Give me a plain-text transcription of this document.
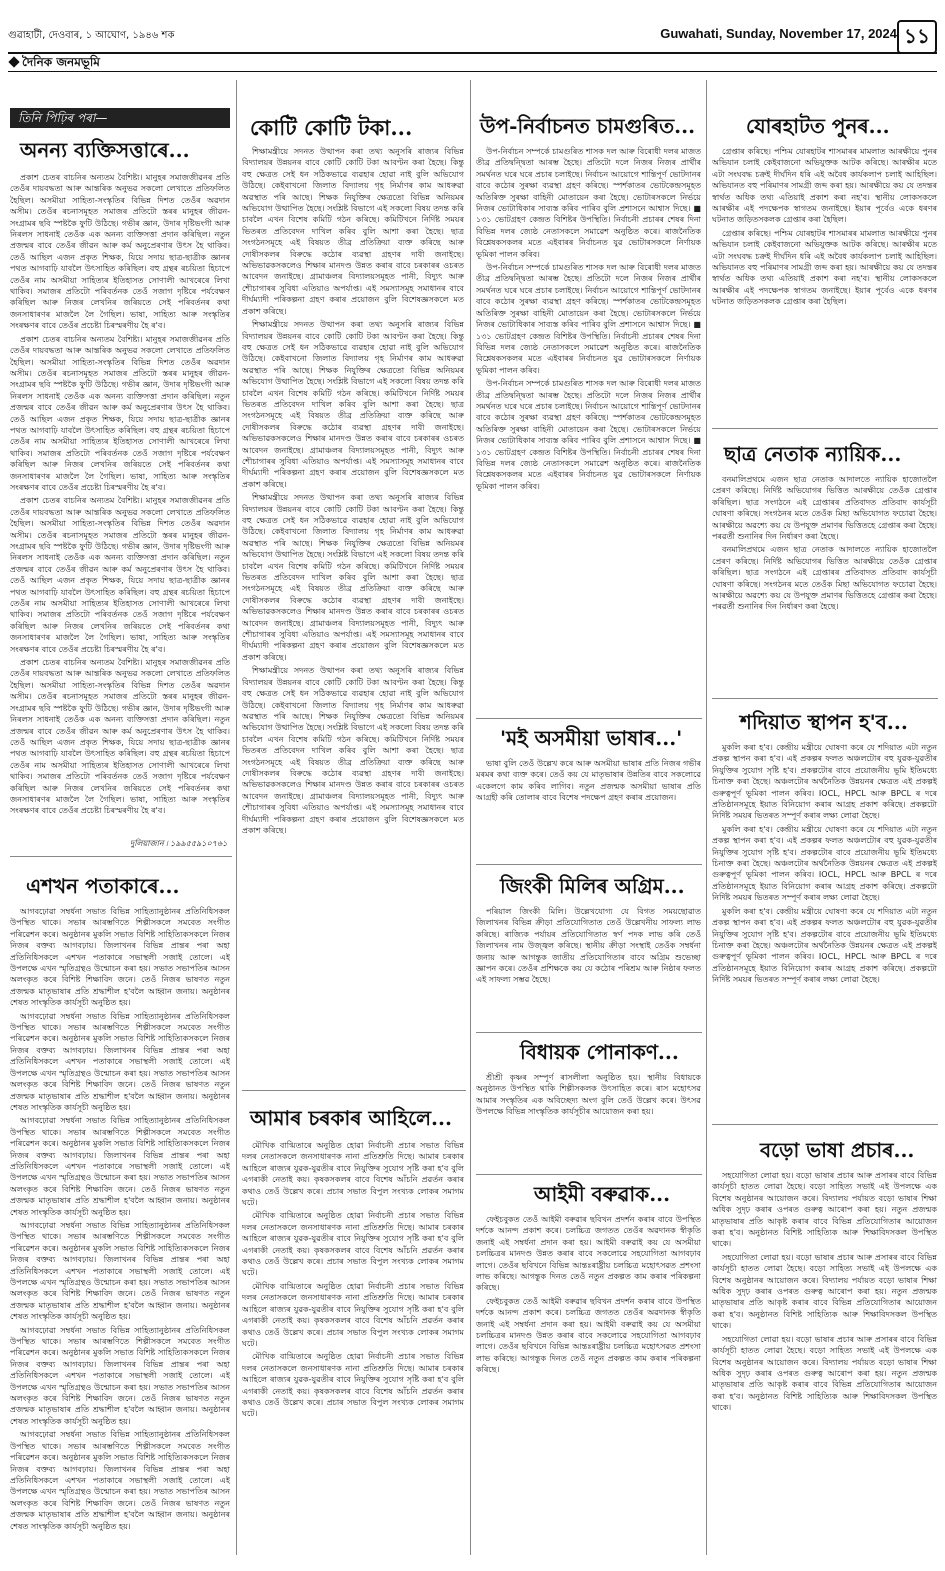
গুৱাহাটী, দেওবাৰ, ১ আঘোণ, ১৯৪৬ শক	Guwahati, Sunday, November 17, 2024 ১১
দৈনিক জনমভূমি
তিনি পিঢ়িৰ পৰা—
অনন্য ব্যক্তিসত্তাৰে...

প্ৰকাশ চেতৰ বাচনিৰ অন্যতম বৈশিষ্ট্য। মানুহৰ সমাজজীৱনৰ প্ৰতি তেওঁৰ দায়বদ্ধতা আৰু আন্তৰিক অনুভৱ সকলো লেখাতে প্ৰতিফলিত হৈছিল। অসমীয়া সাহিত্য-সংস্কৃতিৰ বিভিন্ন দিশত তেওঁৰ অৱদান অসীম। তেওঁৰ ৰচনাসমূহত সমাজৰ প্ৰতিটো স্তৰৰ মানুহৰ জীৱন-সংগ্ৰামৰ ছবি স্পষ্টকৈ ফুটি উঠিছে। গভীৰ জ্ঞান, উদাৰ দৃষ্টিভংগী আৰু নিৰলস সাধনাই তেওঁক এক অনন্য ব্যক্তিসত্তা প্ৰদান কৰিছিল। নতুন প্ৰজন্মৰ বাবে তেওঁৰ জীৱন আৰু কৰ্ম অনুপ্ৰেৰণাৰ উৎস হৈ থাকিব। তেওঁ আছিল এজন প্ৰকৃত শিক্ষক, যিয়ে সদায় ছাত্ৰ-ছাত্ৰীক জ্ঞানৰ পথত আগবাঢ়ি যাবলৈ উৎসাহিত কৰিছিল। বহু গ্ৰন্থৰ ৰচয়িতা হিচাপে তেওঁৰ নাম অসমীয়া সাহিত্যৰ ইতিহাসত সোণালী আখৰেৰে লিখা থাকিব। সমাজৰ প্ৰতিটো পৰিবৰ্তনক তেওঁ সজাগ দৃষ্টিৰে পৰ্যবেক্ষণ কৰিছিল আৰু নিজৰ লেখনিৰ জৰিয়তে সেই পৰিবৰ্তনৰ কথা জনসাধাৰণৰ মাজলৈ লৈ গৈছিল। ভাষা, সাহিত্য আৰু সংস্কৃতিৰ সংৰক্ষণৰ বাবে তেওঁৰ প্ৰচেষ্টা চিৰস্মৰণীয় হৈ ৰ'ব।

প্ৰকাশ চেতৰ বাচনিৰ অন্যতম বৈশিষ্ট্য। মানুহৰ সমাজজীৱনৰ প্ৰতি তেওঁৰ দায়বদ্ধতা আৰু আন্তৰিক অনুভৱ সকলো লেখাতে প্ৰতিফলিত হৈছিল। অসমীয়া সাহিত্য-সংস্কৃতিৰ বিভিন্ন দিশত তেওঁৰ অৱদান অসীম। তেওঁৰ ৰচনাসমূহত সমাজৰ প্ৰতিটো স্তৰৰ মানুহৰ জীৱন-সংগ্ৰামৰ ছবি স্পষ্টকৈ ফুটি উঠিছে। গভীৰ জ্ঞান, উদাৰ দৃষ্টিভংগী আৰু নিৰলস সাধনাই তেওঁক এক অনন্য ব্যক্তিসত্তা প্ৰদান কৰিছিল। নতুন প্ৰজন্মৰ বাবে তেওঁৰ জীৱন আৰু কৰ্ম অনুপ্ৰেৰণাৰ উৎস হৈ থাকিব। তেওঁ আছিল এজন প্ৰকৃত শিক্ষক, যিয়ে সদায় ছাত্ৰ-ছাত্ৰীক জ্ঞানৰ পথত আগবাঢ়ি যাবলৈ উৎসাহিত কৰিছিল। বহু গ্ৰন্থৰ ৰচয়িতা হিচাপে তেওঁৰ নাম অসমীয়া সাহিত্যৰ ইতিহাসত সোণালী আখৰেৰে লিখা থাকিব। সমাজৰ প্ৰতিটো পৰিবৰ্তনক তেওঁ সজাগ দৃষ্টিৰে পৰ্যবেক্ষণ কৰিছিল আৰু নিজৰ লেখনিৰ জৰিয়তে সেই পৰিবৰ্তনৰ কথা জনসাধাৰণৰ মাজলৈ লৈ গৈছিল। ভাষা, সাহিত্য আৰু সংস্কৃতিৰ সংৰক্ষণৰ বাবে তেওঁৰ প্ৰচেষ্টা চিৰস্মৰণীয় হৈ ৰ'ব।

প্ৰকাশ চেতৰ বাচনিৰ অন্যতম বৈশিষ্ট্য। মানুহৰ সমাজজীৱনৰ প্ৰতি তেওঁৰ দায়বদ্ধতা আৰু আন্তৰিক অনুভৱ সকলো লেখাতে প্ৰতিফলিত হৈছিল। অসমীয়া সাহিত্য-সংস্কৃতিৰ বিভিন্ন দিশত তেওঁৰ অৱদান অসীম। তেওঁৰ ৰচনাসমূহত সমাজৰ প্ৰতিটো স্তৰৰ মানুহৰ জীৱন-সংগ্ৰামৰ ছবি স্পষ্টকৈ ফুটি উঠিছে। গভীৰ জ্ঞান, উদাৰ দৃষ্টিভংগী আৰু নিৰলস সাধনাই তেওঁক এক অনন্য ব্যক্তিসত্তা প্ৰদান কৰিছিল। নতুন প্ৰজন্মৰ বাবে তেওঁৰ জীৱন আৰু কৰ্ম অনুপ্ৰেৰণাৰ উৎস হৈ থাকিব। তেওঁ আছিল এজন প্ৰকৃত শিক্ষক, যিয়ে সদায় ছাত্ৰ-ছাত্ৰীক জ্ঞানৰ পথত আগবাঢ়ি যাবলৈ উৎসাহিত কৰিছিল। বহু গ্ৰন্থৰ ৰচয়িতা হিচাপে তেওঁৰ নাম অসমীয়া সাহিত্যৰ ইতিহাসত সোণালী আখৰেৰে লিখা থাকিব। সমাজৰ প্ৰতিটো পৰিবৰ্তনক তেওঁ সজাগ দৃষ্টিৰে পৰ্যবেক্ষণ কৰিছিল আৰু নিজৰ লেখনিৰ জৰিয়তে সেই পৰিবৰ্তনৰ কথা জনসাধাৰণৰ মাজলৈ লৈ গৈছিল। ভাষা, সাহিত্য আৰু সংস্কৃতিৰ সংৰক্ষণৰ বাবে তেওঁৰ প্ৰচেষ্টা চিৰস্মৰণীয় হৈ ৰ'ব।

প্ৰকাশ চেতৰ বাচনিৰ অন্যতম বৈশিষ্ট্য। মানুহৰ সমাজজীৱনৰ প্ৰতি তেওঁৰ দায়বদ্ধতা আৰু আন্তৰিক অনুভৱ সকলো লেখাতে প্ৰতিফলিত হৈছিল। অসমীয়া সাহিত্য-সংস্কৃতিৰ বিভিন্ন দিশত তেওঁৰ অৱদান অসীম। তেওঁৰ ৰচনাসমূহত সমাজৰ প্ৰতিটো স্তৰৰ মানুহৰ জীৱন-সংগ্ৰামৰ ছবি স্পষ্টকৈ ফুটি উঠিছে। গভীৰ জ্ঞান, উদাৰ দৃষ্টিভংগী আৰু নিৰলস সাধনাই তেওঁক এক অনন্য ব্যক্তিসত্তা প্ৰদান কৰিছিল। নতুন প্ৰজন্মৰ বাবে তেওঁৰ জীৱন আৰু কৰ্ম অনুপ্ৰেৰণাৰ উৎস হৈ থাকিব। তেওঁ আছিল এজন প্ৰকৃত শিক্ষক, যিয়ে সদায় ছাত্ৰ-ছাত্ৰীক জ্ঞানৰ পথত আগবাঢ়ি যাবলৈ উৎসাহিত কৰিছিল। বহু গ্ৰন্থৰ ৰচয়িতা হিচাপে তেওঁৰ নাম অসমীয়া সাহিত্যৰ ইতিহাসত সোণালী আখৰেৰে লিখা থাকিব। সমাজৰ প্ৰতিটো পৰিবৰ্তনক তেওঁ সজাগ দৃষ্টিৰে পৰ্যবেক্ষণ কৰিছিল আৰু নিজৰ লেখনিৰ জৰিয়তে সেই পৰিবৰ্তনৰ কথা জনসাধাৰণৰ মাজলৈ লৈ গৈছিল। ভাষা, সাহিত্য আৰু সংস্কৃতিৰ সংৰক্ষণৰ বাবে তেওঁৰ প্ৰচেষ্টা চিৰস্মৰণীয় হৈ ৰ'ব।

দুলিয়াজান ৷ ১৯৯৫৫৯১০৭৬১
এশখন পতাকাৰে...

আগবঢ়োৱা সম্বৰ্ধনা সভাত বিভিন্ন সাহিত্যানুষ্ঠানৰ প্ৰতিনিধিসকল উপস্থিত থাকে। সভাৰ আৰম্ভণিতে শিল্পীসকলে সমবেত সংগীত পৰিৱেশন কৰে। অনুষ্ঠানৰ মুকলি সভাত বিশিষ্ট সাহিত্যিকসকলে নিজৰ নিজৰ বক্তব্য আগবঢ়ায়। জিলাখনৰ বিভিন্ন প্ৰান্তৰ পৰা অহা প্ৰতিনিধিসকলে এশখন পতাকাৰে সভাস্থলী সজাই তোলে। এই উপলক্ষে এখন স্মৃতিগ্ৰন্থও উন্মোচন কৰা হয়। সভাত সভাপতিৰ আসন অলংকৃত কৰে বিশিষ্ট শিক্ষাবিদ জনে। তেওঁ নিজৰ ভাষণত নতুন প্ৰজন্মক মাতৃভাষাৰ প্ৰতি শ্ৰদ্ধাশীল হ'বলৈ আহ্বান জনায়। অনুষ্ঠানৰ শেষত সাংস্কৃতিক কাৰ্যসূচী অনুষ্ঠিত হয়।

আগবঢ়োৱা সম্বৰ্ধনা সভাত বিভিন্ন সাহিত্যানুষ্ঠানৰ প্ৰতিনিধিসকল উপস্থিত থাকে। সভাৰ আৰম্ভণিতে শিল্পীসকলে সমবেত সংগীত পৰিৱেশন কৰে। অনুষ্ঠানৰ মুকলি সভাত বিশিষ্ট সাহিত্যিকসকলে নিজৰ নিজৰ বক্তব্য আগবঢ়ায়। জিলাখনৰ বিভিন্ন প্ৰান্তৰ পৰা অহা প্ৰতিনিধিসকলে এশখন পতাকাৰে সভাস্থলী সজাই তোলে। এই উপলক্ষে এখন স্মৃতিগ্ৰন্থও উন্মোচন কৰা হয়। সভাত সভাপতিৰ আসন অলংকৃত কৰে বিশিষ্ট শিক্ষাবিদ জনে। তেওঁ নিজৰ ভাষণত নতুন প্ৰজন্মক মাতৃভাষাৰ প্ৰতি শ্ৰদ্ধাশীল হ'বলৈ আহ্বান জনায়। অনুষ্ঠানৰ শেষত সাংস্কৃতিক কাৰ্যসূচী অনুষ্ঠিত হয়।

আগবঢ়োৱা সম্বৰ্ধনা সভাত বিভিন্ন সাহিত্যানুষ্ঠানৰ প্ৰতিনিধিসকল উপস্থিত থাকে। সভাৰ আৰম্ভণিতে শিল্পীসকলে সমবেত সংগীত পৰিৱেশন কৰে। অনুষ্ঠানৰ মুকলি সভাত বিশিষ্ট সাহিত্যিকসকলে নিজৰ নিজৰ বক্তব্য আগবঢ়ায়। জিলাখনৰ বিভিন্ন প্ৰান্তৰ পৰা অহা প্ৰতিনিধিসকলে এশখন পতাকাৰে সভাস্থলী সজাই তোলে। এই উপলক্ষে এখন স্মৃতিগ্ৰন্থও উন্মোচন কৰা হয়। সভাত সভাপতিৰ আসন অলংকৃত কৰে বিশিষ্ট শিক্ষাবিদ জনে। তেওঁ নিজৰ ভাষণত নতুন প্ৰজন্মক মাতৃভাষাৰ প্ৰতি শ্ৰদ্ধাশীল হ'বলৈ আহ্বান জনায়। অনুষ্ঠানৰ শেষত সাংস্কৃতিক কাৰ্যসূচী অনুষ্ঠিত হয়।

আগবঢ়োৱা সম্বৰ্ধনা সভাত বিভিন্ন সাহিত্যানুষ্ঠানৰ প্ৰতিনিধিসকল উপস্থিত থাকে। সভাৰ আৰম্ভণিতে শিল্পীসকলে সমবেত সংগীত পৰিৱেশন কৰে। অনুষ্ঠানৰ মুকলি সভাত বিশিষ্ট সাহিত্যিকসকলে নিজৰ নিজৰ বক্তব্য আগবঢ়ায়। জিলাখনৰ বিভিন্ন প্ৰান্তৰ পৰা অহা প্ৰতিনিধিসকলে এশখন পতাকাৰে সভাস্থলী সজাই তোলে। এই উপলক্ষে এখন স্মৃতিগ্ৰন্থও উন্মোচন কৰা হয়। সভাত সভাপতিৰ আসন অলংকৃত কৰে বিশিষ্ট শিক্ষাবিদ জনে। তেওঁ নিজৰ ভাষণত নতুন প্ৰজন্মক মাতৃভাষাৰ প্ৰতি শ্ৰদ্ধাশীল হ'বলৈ আহ্বান জনায়। অনুষ্ঠানৰ শেষত সাংস্কৃতিক কাৰ্যসূচী অনুষ্ঠিত হয়।

আগবঢ়োৱা সম্বৰ্ধনা সভাত বিভিন্ন সাহিত্যানুষ্ঠানৰ প্ৰতিনিধিসকল উপস্থিত থাকে। সভাৰ আৰম্ভণিতে শিল্পীসকলে সমবেত সংগীত পৰিৱেশন কৰে। অনুষ্ঠানৰ মুকলি সভাত বিশিষ্ট সাহিত্যিকসকলে নিজৰ নিজৰ বক্তব্য আগবঢ়ায়। জিলাখনৰ বিভিন্ন প্ৰান্তৰ পৰা অহা প্ৰতিনিধিসকলে এশখন পতাকাৰে সভাস্থলী সজাই তোলে। এই উপলক্ষে এখন স্মৃতিগ্ৰন্থও উন্মোচন কৰা হয়। সভাত সভাপতিৰ আসন অলংকৃত কৰে বিশিষ্ট শিক্ষাবিদ জনে। তেওঁ নিজৰ ভাষণত নতুন প্ৰজন্মক মাতৃভাষাৰ প্ৰতি শ্ৰদ্ধাশীল হ'বলৈ আহ্বান জনায়। অনুষ্ঠানৰ শেষত সাংস্কৃতিক কাৰ্যসূচী অনুষ্ঠিত হয়।

আগবঢ়োৱা সম্বৰ্ধনা সভাত বিভিন্ন সাহিত্যানুষ্ঠানৰ প্ৰতিনিধিসকল উপস্থিত থাকে। সভাৰ আৰম্ভণিতে শিল্পীসকলে সমবেত সংগীত পৰিৱেশন কৰে। অনুষ্ঠানৰ মুকলি সভাত বিশিষ্ট সাহিত্যিকসকলে নিজৰ নিজৰ বক্তব্য আগবঢ়ায়। জিলাখনৰ বিভিন্ন প্ৰান্তৰ পৰা অহা প্ৰতিনিধিসকলে এশখন পতাকাৰে সভাস্থলী সজাই তোলে। এই উপলক্ষে এখন স্মৃতিগ্ৰন্থও উন্মোচন কৰা হয়। সভাত সভাপতিৰ আসন অলংকৃত কৰে বিশিষ্ট শিক্ষাবিদ জনে। তেওঁ নিজৰ ভাষণত নতুন প্ৰজন্মক মাতৃভাষাৰ প্ৰতি শ্ৰদ্ধাশীল হ'বলৈ আহ্বান জনায়। অনুষ্ঠানৰ শেষত সাংস্কৃতিক কাৰ্যসূচী অনুষ্ঠিত হয়।

কোটি কোটি টকা...

শিক্ষামন্ত্ৰীয়ে সদনত উত্থাপন কৰা তথ্য অনুসৰি ৰাজ্যৰ বিভিন্ন বিদ্যালয়ৰ উন্নয়নৰ বাবে কোটি কোটি টকা আবণ্টন কৰা হৈছে। কিন্তু বহু ক্ষেত্ৰত সেই ধন সঠিকভাৱে ব্যৱহাৰ হোৱা নাই বুলি অভিযোগ উঠিছে। কেইবাখনো জিলাত বিদ্যালয় গৃহ নিৰ্মাণৰ কাম আধৰুৱা অৱস্থাত পৰি আছে। শিক্ষক নিযুক্তিৰ ক্ষেত্ৰতো বিভিন্ন অনিয়মৰ অভিযোগ উত্থাপিত হৈছে। সংশ্লিষ্ট বিভাগে এই সকলো বিষয় তদন্ত কৰি চাবলৈ এখন বিশেষ কমিটি গঠন কৰিছে। কমিটিখনে নিৰ্দিষ্ট সময়ৰ ভিতৰত প্ৰতিবেদন দাখিল কৰিব বুলি আশা কৰা হৈছে। ছাত্ৰ সংগঠনসমূহে এই বিষয়ত তীব্ৰ প্ৰতিক্ৰিয়া ব্যক্ত কৰিছে আৰু দোষীসকলৰ বিৰুদ্ধে কঠোৰ ব্যৱস্থা গ্ৰহণৰ দাবী জনাইছে। অভিভাৱকসকলেও শিক্ষাৰ মানদণ্ড উন্নত কৰাৰ বাবে চৰকাৰৰ ওচৰত আবেদন জনাইছে। গ্ৰামাঞ্চলৰ বিদ্যালয়সমূহত পানী, বিদ্যুৎ আৰু শৌচাগাৰৰ সুবিধা এতিয়াও অপৰ্যাপ্ত। এই সমস্যাসমূহ সমাধানৰ বাবে দীৰ্ঘম্যাদী পৰিকল্পনা গ্ৰহণ কৰাৰ প্ৰয়োজন বুলি বিশেষজ্ঞসকলে মত প্ৰকাশ কৰিছে।

শিক্ষামন্ত্ৰীয়ে সদনত উত্থাপন কৰা তথ্য অনুসৰি ৰাজ্যৰ বিভিন্ন বিদ্যালয়ৰ উন্নয়নৰ বাবে কোটি কোটি টকা আবণ্টন কৰা হৈছে। কিন্তু বহু ক্ষেত্ৰত সেই ধন সঠিকভাৱে ব্যৱহাৰ হোৱা নাই বুলি অভিযোগ উঠিছে। কেইবাখনো জিলাত বিদ্যালয় গৃহ নিৰ্মাণৰ কাম আধৰুৱা অৱস্থাত পৰি আছে। শিক্ষক নিযুক্তিৰ ক্ষেত্ৰতো বিভিন্ন অনিয়মৰ অভিযোগ উত্থাপিত হৈছে। সংশ্লিষ্ট বিভাগে এই সকলো বিষয় তদন্ত কৰি চাবলৈ এখন বিশেষ কমিটি গঠন কৰিছে। কমিটিখনে নিৰ্দিষ্ট সময়ৰ ভিতৰত প্ৰতিবেদন দাখিল কৰিব বুলি আশা কৰা হৈছে। ছাত্ৰ সংগঠনসমূহে এই বিষয়ত তীব্ৰ প্ৰতিক্ৰিয়া ব্যক্ত কৰিছে আৰু দোষীসকলৰ বিৰুদ্ধে কঠোৰ ব্যৱস্থা গ্ৰহণৰ দাবী জনাইছে। অভিভাৱকসকলেও শিক্ষাৰ মানদণ্ড উন্নত কৰাৰ বাবে চৰকাৰৰ ওচৰত আবেদন জনাইছে। গ্ৰামাঞ্চলৰ বিদ্যালয়সমূহত পানী, বিদ্যুৎ আৰু শৌচাগাৰৰ সুবিধা এতিয়াও অপৰ্যাপ্ত। এই সমস্যাসমূহ সমাধানৰ বাবে দীৰ্ঘম্যাদী পৰিকল্পনা গ্ৰহণ কৰাৰ প্ৰয়োজন বুলি বিশেষজ্ঞসকলে মত প্ৰকাশ কৰিছে।

শিক্ষামন্ত্ৰীয়ে সদনত উত্থাপন কৰা তথ্য অনুসৰি ৰাজ্যৰ বিভিন্ন বিদ্যালয়ৰ উন্নয়নৰ বাবে কোটি কোটি টকা আবণ্টন কৰা হৈছে। কিন্তু বহু ক্ষেত্ৰত সেই ধন সঠিকভাৱে ব্যৱহাৰ হোৱা নাই বুলি অভিযোগ উঠিছে। কেইবাখনো জিলাত বিদ্যালয় গৃহ নিৰ্মাণৰ কাম আধৰুৱা অৱস্থাত পৰি আছে। শিক্ষক নিযুক্তিৰ ক্ষেত্ৰতো বিভিন্ন অনিয়মৰ অভিযোগ উত্থাপিত হৈছে। সংশ্লিষ্ট বিভাগে এই সকলো বিষয় তদন্ত কৰি চাবলৈ এখন বিশেষ কমিটি গঠন কৰিছে। কমিটিখনে নিৰ্দিষ্ট সময়ৰ ভিতৰত প্ৰতিবেদন দাখিল কৰিব বুলি আশা কৰা হৈছে। ছাত্ৰ সংগঠনসমূহে এই বিষয়ত তীব্ৰ প্ৰতিক্ৰিয়া ব্যক্ত কৰিছে আৰু দোষীসকলৰ বিৰুদ্ধে কঠোৰ ব্যৱস্থা গ্ৰহণৰ দাবী জনাইছে। অভিভাৱকসকলেও শিক্ষাৰ মানদণ্ড উন্নত কৰাৰ বাবে চৰকাৰৰ ওচৰত আবেদন জনাইছে। গ্ৰামাঞ্চলৰ বিদ্যালয়সমূহত পানী, বিদ্যুৎ আৰু শৌচাগাৰৰ সুবিধা এতিয়াও অপৰ্যাপ্ত। এই সমস্যাসমূহ সমাধানৰ বাবে দীৰ্ঘম্যাদী পৰিকল্পনা গ্ৰহণ কৰাৰ প্ৰয়োজন বুলি বিশেষজ্ঞসকলে মত প্ৰকাশ কৰিছে।

শিক্ষামন্ত্ৰীয়ে সদনত উত্থাপন কৰা তথ্য অনুসৰি ৰাজ্যৰ বিভিন্ন বিদ্যালয়ৰ উন্নয়নৰ বাবে কোটি কোটি টকা আবণ্টন কৰা হৈছে। কিন্তু বহু ক্ষেত্ৰত সেই ধন সঠিকভাৱে ব্যৱহাৰ হোৱা নাই বুলি অভিযোগ উঠিছে। কেইবাখনো জিলাত বিদ্যালয় গৃহ নিৰ্মাণৰ কাম আধৰুৱা অৱস্থাত পৰি আছে। শিক্ষক নিযুক্তিৰ ক্ষেত্ৰতো বিভিন্ন অনিয়মৰ অভিযোগ উত্থাপিত হৈছে। সংশ্লিষ্ট বিভাগে এই সকলো বিষয় তদন্ত কৰি চাবলৈ এখন বিশেষ কমিটি গঠন কৰিছে। কমিটিখনে নিৰ্দিষ্ট সময়ৰ ভিতৰত প্ৰতিবেদন দাখিল কৰিব বুলি আশা কৰা হৈছে। ছাত্ৰ সংগঠনসমূহে এই বিষয়ত তীব্ৰ প্ৰতিক্ৰিয়া ব্যক্ত কৰিছে আৰু দোষীসকলৰ বিৰুদ্ধে কঠোৰ ব্যৱস্থা গ্ৰহণৰ দাবী জনাইছে। অভিভাৱকসকলেও শিক্ষাৰ মানদণ্ড উন্নত কৰাৰ বাবে চৰকাৰৰ ওচৰত আবেদন জনাইছে। গ্ৰামাঞ্চলৰ বিদ্যালয়সমূহত পানী, বিদ্যুৎ আৰু শৌচাগাৰৰ সুবিধা এতিয়াও অপৰ্যাপ্ত। এই সমস্যাসমূহ সমাধানৰ বাবে দীৰ্ঘম্যাদী পৰিকল্পনা গ্ৰহণ কৰাৰ প্ৰয়োজন বুলি বিশেষজ্ঞসকলে মত প্ৰকাশ কৰিছে।

আমাৰ চৰকাৰ আহিলে...

মৌখিক বাগ্মিতাৰে অনুষ্ঠিত হোৱা নিৰ্বাচনী প্ৰচাৰ সভাত বিভিন্ন দলৰ নেতাসকলে জনসাধাৰণক নানা প্ৰতিশ্ৰুতি দিছে। আমাৰ চৰকাৰ আহিলে ৰাজ্যৰ যুৱক-যুৱতীৰ বাবে নিযুক্তিৰ সুযোগ সৃষ্টি কৰা হ'ব বুলি এগৰাকী নেতাই কয়। কৃষকসকলৰ বাবে বিশেষ আঁচনি প্ৰৱৰ্তন কৰাৰ কথাও তেওঁ উল্লেখ কৰে। প্ৰচাৰ সভাত বিপুল সংখ্যক লোকৰ সমাগম ঘটে।

মৌখিক বাগ্মিতাৰে অনুষ্ঠিত হোৱা নিৰ্বাচনী প্ৰচাৰ সভাত বিভিন্ন দলৰ নেতাসকলে জনসাধাৰণক নানা প্ৰতিশ্ৰুতি দিছে। আমাৰ চৰকাৰ আহিলে ৰাজ্যৰ যুৱক-যুৱতীৰ বাবে নিযুক্তিৰ সুযোগ সৃষ্টি কৰা হ'ব বুলি এগৰাকী নেতাই কয়। কৃষকসকলৰ বাবে বিশেষ আঁচনি প্ৰৱৰ্তন কৰাৰ কথাও তেওঁ উল্লেখ কৰে। প্ৰচাৰ সভাত বিপুল সংখ্যক লোকৰ সমাগম ঘটে।

মৌখিক বাগ্মিতাৰে অনুষ্ঠিত হোৱা নিৰ্বাচনী প্ৰচাৰ সভাত বিভিন্ন দলৰ নেতাসকলে জনসাধাৰণক নানা প্ৰতিশ্ৰুতি দিছে। আমাৰ চৰকাৰ আহিলে ৰাজ্যৰ যুৱক-যুৱতীৰ বাবে নিযুক্তিৰ সুযোগ সৃষ্টি কৰা হ'ব বুলি এগৰাকী নেতাই কয়। কৃষকসকলৰ বাবে বিশেষ আঁচনি প্ৰৱৰ্তন কৰাৰ কথাও তেওঁ উল্লেখ কৰে। প্ৰচাৰ সভাত বিপুল সংখ্যক লোকৰ সমাগম ঘটে।

মৌখিক বাগ্মিতাৰে অনুষ্ঠিত হোৱা নিৰ্বাচনী প্ৰচাৰ সভাত বিভিন্ন দলৰ নেতাসকলে জনসাধাৰণক নানা প্ৰতিশ্ৰুতি দিছে। আমাৰ চৰকাৰ আহিলে ৰাজ্যৰ যুৱক-যুৱতীৰ বাবে নিযুক্তিৰ সুযোগ সৃষ্টি কৰা হ'ব বুলি এগৰাকী নেতাই কয়। কৃষকসকলৰ বাবে বিশেষ আঁচনি প্ৰৱৰ্তন কৰাৰ কথাও তেওঁ উল্লেখ কৰে। প্ৰচাৰ সভাত বিপুল সংখ্যক লোকৰ সমাগম ঘটে।

উপ-নিৰ্বাচনত চামগুৰিত...

উপ-নিৰ্বাচন সম্পৰ্কে চামগুৰিত শাসক দল আৰু বিৰোধী দলৰ মাজত তীব্ৰ প্ৰতিদ্বন্দ্বিতা আৰম্ভ হৈছে। প্ৰতিটো দলে নিজৰ নিজৰ প্ৰাৰ্থীৰ সমৰ্থনত ঘৰে ঘৰে প্ৰচাৰ চলাইছে। নিৰ্বাচন আয়োগে শান্তিপূৰ্ণ ভোটদানৰ বাবে কঠোৰ সুৰক্ষা ব্যৱস্থা গ্ৰহণ কৰিছে। স্পৰ্শকাতৰ ভোটকেন্দ্ৰসমূহত অতিৰিক্ত সুৰক্ষা বাহিনী মোতায়েন কৰা হৈছে। ভোটাৰসকলে নিৰ্ভয়ে নিজৰ ভোটাধিকাৰ সাব্যস্ত কৰিব পাৰিব বুলি প্ৰশাসনে আশ্বাস দিছে। ■ ১৩১ ভোটগ্ৰহণ কেন্দ্ৰত বিশিষ্টৰ উপস্থিতি। নিৰ্বাচনী প্ৰচাৰৰ শেষৰ দিনা বিভিন্ন দলৰ জ্যেষ্ঠ নেতাসকলে সমাৱেশ অনুষ্ঠিত কৰে। ৰাজনৈতিক বিশ্লেষকসকলৰ মতে এইবাৰৰ নিৰ্বাচনত যুৱ ভোটাৰসকলে নিৰ্ণায়ক ভূমিকা পালন কৰিব।

উপ-নিৰ্বাচন সম্পৰ্কে চামগুৰিত শাসক দল আৰু বিৰোধী দলৰ মাজত তীব্ৰ প্ৰতিদ্বন্দ্বিতা আৰম্ভ হৈছে। প্ৰতিটো দলে নিজৰ নিজৰ প্ৰাৰ্থীৰ সমৰ্থনত ঘৰে ঘৰে প্ৰচাৰ চলাইছে। নিৰ্বাচন আয়োগে শান্তিপূৰ্ণ ভোটদানৰ বাবে কঠোৰ সুৰক্ষা ব্যৱস্থা গ্ৰহণ কৰিছে। স্পৰ্শকাতৰ ভোটকেন্দ্ৰসমূহত অতিৰিক্ত সুৰক্ষা বাহিনী মোতায়েন কৰা হৈছে। ভোটাৰসকলে নিৰ্ভয়ে নিজৰ ভোটাধিকাৰ সাব্যস্ত কৰিব পাৰিব বুলি প্ৰশাসনে আশ্বাস দিছে। ■ ১৩১ ভোটগ্ৰহণ কেন্দ্ৰত বিশিষ্টৰ উপস্থিতি। নিৰ্বাচনী প্ৰচাৰৰ শেষৰ দিনা বিভিন্ন দলৰ জ্যেষ্ঠ নেতাসকলে সমাৱেশ অনুষ্ঠিত কৰে। ৰাজনৈতিক বিশ্লেষকসকলৰ মতে এইবাৰৰ নিৰ্বাচনত যুৱ ভোটাৰসকলে নিৰ্ণায়ক ভূমিকা পালন কৰিব।

উপ-নিৰ্বাচন সম্পৰ্কে চামগুৰিত শাসক দল আৰু বিৰোধী দলৰ মাজত তীব্ৰ প্ৰতিদ্বন্দ্বিতা আৰম্ভ হৈছে। প্ৰতিটো দলে নিজৰ নিজৰ প্ৰাৰ্থীৰ সমৰ্থনত ঘৰে ঘৰে প্ৰচাৰ চলাইছে। নিৰ্বাচন আয়োগে শান্তিপূৰ্ণ ভোটদানৰ বাবে কঠোৰ সুৰক্ষা ব্যৱস্থা গ্ৰহণ কৰিছে। স্পৰ্শকাতৰ ভোটকেন্দ্ৰসমূহত অতিৰিক্ত সুৰক্ষা বাহিনী মোতায়েন কৰা হৈছে। ভোটাৰসকলে নিৰ্ভয়ে নিজৰ ভোটাধিকাৰ সাব্যস্ত কৰিব পাৰিব বুলি প্ৰশাসনে আশ্বাস দিছে। ■ ১৩১ ভোটগ্ৰহণ কেন্দ্ৰত বিশিষ্টৰ উপস্থিতি। নিৰ্বাচনী প্ৰচাৰৰ শেষৰ দিনা বিভিন্ন দলৰ জ্যেষ্ঠ নেতাসকলে সমাৱেশ অনুষ্ঠিত কৰে। ৰাজনৈতিক বিশ্লেষকসকলৰ মতে এইবাৰৰ নিৰ্বাচনত যুৱ ভোটাৰসকলে নিৰ্ণায়ক ভূমিকা পালন কৰিব।

'মই অসমীয়া ভাষাৰ...'

ভাষা বুলি তেওঁ উল্লেখ কৰে আৰু অসমীয়া ভাষাৰ প্ৰতি নিজৰ গভীৰ মৰমৰ কথা ব্যক্ত কৰে। তেওঁ কয় যে মাতৃভাষাৰ উন্নতিৰ বাবে সকলোৱে একেলগে কাম কৰিব লাগিব। নতুন প্ৰজন্মক অসমীয়া ভাষাৰ প্ৰতি আগ্ৰহী কৰি তোলাৰ বাবে বিশেষ পদক্ষেপ গ্ৰহণ কৰাৰ প্ৰয়োজন।

জিংকী মিলিৰ অগ্ৰিম...

পৰিয়াল জিংকী মিলি। উল্লেখযোগ্য যে বিগত সময়ছোৱাত জিলাখনৰ বিভিন্ন ক্ৰীড়া প্ৰতিযোগিতাত তেওঁ উল্লেখনীয় সাফল্য লাভ কৰিছে। ৰাজ্যিক পৰ্যায়ৰ প্ৰতিযোগিতাত স্বৰ্ণ পদক লাভ কৰি তেওঁ জিলাখনৰ নাম উজ্জ্বল কৰিছে। স্থানীয় ক্ৰীড়া সংস্থাই তেওঁক সম্বৰ্ধনা জনায় আৰু আগন্তুক জাতীয় প্ৰতিযোগিতাৰ বাবে অগ্ৰিম শুভেচ্ছা জ্ঞাপন কৰে। তেওঁৰ প্ৰশিক্ষকে কয় যে কঠোৰ পৰিশ্ৰম আৰু নিষ্ঠাৰ ফলত এই সাফল্য সম্ভৱ হৈছে।

বিধায়ক পোনাকণ...

শ্ৰীশ্ৰী কৃষ্ণৰ সম্পূৰ্ণ ৰাসলীলা অনুষ্ঠিত হয়। স্থানীয় বিধায়কে অনুষ্ঠানত উপস্থিত থাকি শিল্পীসকলক উৎসাহিত কৰে। ৰাস মহোৎসৱ আমাৰ সংস্কৃতিৰ এক অবিচ্ছেদ্য অংগ বুলি তেওঁ উল্লেখ কৰে। উৎসৱ উপলক্ষে বিভিন্ন সাংস্কৃতিক কাৰ্যসূচীৰ আয়োজন কৰা হয়।

আইমী বৰুৱাক...

ফেইচবুকত তেওঁ আইমী বৰুৱাৰ ছবিখন প্ৰদৰ্শন কৰাৰ বাবে উপস্থিত দৰ্শকে আনন্দ প্ৰকাশ কৰে। চলচ্চিত্ৰ জগতত তেওঁৰ অৱদানক স্বীকৃতি জনাই এই সম্বৰ্ধনা প্ৰদান কৰা হয়। আইমী বৰুৱাই কয় যে অসমীয়া চলচ্চিত্ৰৰ মানদণ্ড উন্নত কৰাৰ বাবে সকলোৱে সহযোগিতা আগবঢ়াব লাগে। তেওঁৰ ছবিখনে বিভিন্ন আন্তঃৰাষ্ট্ৰীয় চলচ্চিত্ৰ মহোৎসৱত প্ৰশংসা লাভ কৰিছে। আগন্তুক দিনত তেওঁ নতুন প্ৰকল্পত কাম কৰাৰ পৰিকল্পনা কৰিছে।

ফেইচবুকত তেওঁ আইমী বৰুৱাৰ ছবিখন প্ৰদৰ্শন কৰাৰ বাবে উপস্থিত দৰ্শকে আনন্দ প্ৰকাশ কৰে। চলচ্চিত্ৰ জগতত তেওঁৰ অৱদানক স্বীকৃতি জনাই এই সম্বৰ্ধনা প্ৰদান কৰা হয়। আইমী বৰুৱাই কয় যে অসমীয়া চলচ্চিত্ৰৰ মানদণ্ড উন্নত কৰাৰ বাবে সকলোৱে সহযোগিতা আগবঢ়াব লাগে। তেওঁৰ ছবিখনে বিভিন্ন আন্তঃৰাষ্ট্ৰীয় চলচ্চিত্ৰ মহোৎসৱত প্ৰশংসা লাভ কৰিছে। আগন্তুক দিনত তেওঁ নতুন প্ৰকল্পত কাম কৰাৰ পৰিকল্পনা কৰিছে।

যোৰহাটত পুনৰ...

গ্ৰেপ্তাৰ কৰিছে। পশ্চিম যোৰহাটৰ শাসমাৰৰ মামলাত আৰক্ষীয়ে পুনৰ অভিযান চলাই কেইবাজনো অভিযুক্তক আটক কৰিছে। আৰক্ষীৰ মতে এটা সংঘবদ্ধ চক্ৰই দীৰ্ঘদিন ধৰি এই অবৈধ কাৰ্যকলাপ চলাই আহিছিল। অভিযানত বহু পৰিমাণৰ সামগ্ৰী জব্দ কৰা হয়। আৰক্ষীয়ে কয় যে তদন্তৰ স্বাৰ্থত অধিক তথ্য এতিয়াই প্ৰকাশ কৰা নহ'ব। স্থানীয় লোকসকলে আৰক্ষীৰ এই পদক্ষেপক স্বাগতম জনাইছে। ইয়াৰ পূৰ্বেও একে ধৰণৰ ঘটনাত জড়িতসকলক গ্ৰেপ্তাৰ কৰা হৈছিল।

গ্ৰেপ্তাৰ কৰিছে। পশ্চিম যোৰহাটৰ শাসমাৰৰ মামলাত আৰক্ষীয়ে পুনৰ অভিযান চলাই কেইবাজনো অভিযুক্তক আটক কৰিছে। আৰক্ষীৰ মতে এটা সংঘবদ্ধ চক্ৰই দীৰ্ঘদিন ধৰি এই অবৈধ কাৰ্যকলাপ চলাই আহিছিল। অভিযানত বহু পৰিমাণৰ সামগ্ৰী জব্দ কৰা হয়। আৰক্ষীয়ে কয় যে তদন্তৰ স্বাৰ্থত অধিক তথ্য এতিয়াই প্ৰকাশ কৰা নহ'ব। স্থানীয় লোকসকলে আৰক্ষীৰ এই পদক্ষেপক স্বাগতম জনাইছে। ইয়াৰ পূৰ্বেও একে ধৰণৰ ঘটনাত জড়িতসকলক গ্ৰেপ্তাৰ কৰা হৈছিল।

ছাত্ৰ নেতাক ন্যায়িক...

বনমালিপ্ৰথমে এজন ছাত্ৰ নেতাক আদালতে ন্যায়িক হাজোতলৈ প্ৰেৰণ কৰিছে। নিৰ্দিষ্ট অভিযোগৰ ভিত্তিত আৰক্ষীয়ে তেওঁক গ্ৰেপ্তাৰ কৰিছিল। ছাত্ৰ সংগঠনে এই গ্ৰেপ্তাৰৰ প্ৰতিবাদত প্ৰতিবাদ কাৰ্যসূচী ঘোষণা কৰিছে। সংগঠনৰ মতে তেওঁক মিছা অভিযোগত ফচোৱা হৈছে। আৰক্ষীয়ে অৱশ্যে কয় যে উপযুক্ত প্ৰমাণৰ ভিত্তিতহে গ্ৰেপ্তাৰ কৰা হৈছে। পৰৱৰ্তী শুনানিৰ দিন নিৰ্ধাৰণ কৰা হৈছে।

বনমালিপ্ৰথমে এজন ছাত্ৰ নেতাক আদালতে ন্যায়িক হাজোতলৈ প্ৰেৰণ কৰিছে। নিৰ্দিষ্ট অভিযোগৰ ভিত্তিত আৰক্ষীয়ে তেওঁক গ্ৰেপ্তাৰ কৰিছিল। ছাত্ৰ সংগঠনে এই গ্ৰেপ্তাৰৰ প্ৰতিবাদত প্ৰতিবাদ কাৰ্যসূচী ঘোষণা কৰিছে। সংগঠনৰ মতে তেওঁক মিছা অভিযোগত ফচোৱা হৈছে। আৰক্ষীয়ে অৱশ্যে কয় যে উপযুক্ত প্ৰমাণৰ ভিত্তিতহে গ্ৰেপ্তাৰ কৰা হৈছে। পৰৱৰ্তী শুনানিৰ দিন নিৰ্ধাৰণ কৰা হৈছে।

শদিয়াত স্থাপন হ'ব...

মুকলি কৰা হ'ব। কেন্দ্ৰীয় মন্ত্ৰীয়ে ঘোষণা কৰে যে শদিয়াত এটা নতুন প্ৰকল্প স্থাপন কৰা হ'ব। এই প্ৰকল্পৰ ফলত অঞ্চলটোৰ বহু যুৱক-যুৱতীৰ নিযুক্তিৰ সুযোগ সৃষ্টি হ'ব। প্ৰকল্পটোৰ বাবে প্ৰয়োজনীয় ভূমি ইতিমধ্যে চিনাক্ত কৰা হৈছে। অঞ্চলটোৰ অৰ্থনৈতিক উন্নয়নৰ ক্ষেত্ৰত এই প্ৰকল্পই গুৰুত্বপূৰ্ণ ভূমিকা পালন কৰিব। IOCL, HPCL আৰু BPCL ৰ দৰে প্ৰতিষ্ঠানসমূহে ইয়াত বিনিয়োগ কৰাৰ আগ্ৰহ প্ৰকাশ কৰিছে। প্ৰকল্পটো নিৰ্দিষ্ট সময়ৰ ভিতৰত সম্পূৰ্ণ কৰাৰ লক্ষ্য লোৱা হৈছে।

মুকলি কৰা হ'ব। কেন্দ্ৰীয় মন্ত্ৰীয়ে ঘোষণা কৰে যে শদিয়াত এটা নতুন প্ৰকল্প স্থাপন কৰা হ'ব। এই প্ৰকল্পৰ ফলত অঞ্চলটোৰ বহু যুৱক-যুৱতীৰ নিযুক্তিৰ সুযোগ সৃষ্টি হ'ব। প্ৰকল্পটোৰ বাবে প্ৰয়োজনীয় ভূমি ইতিমধ্যে চিনাক্ত কৰা হৈছে। অঞ্চলটোৰ অৰ্থনৈতিক উন্নয়নৰ ক্ষেত্ৰত এই প্ৰকল্পই গুৰুত্বপূৰ্ণ ভূমিকা পালন কৰিব। IOCL, HPCL আৰু BPCL ৰ দৰে প্ৰতিষ্ঠানসমূহে ইয়াত বিনিয়োগ কৰাৰ আগ্ৰহ প্ৰকাশ কৰিছে। প্ৰকল্পটো নিৰ্দিষ্ট সময়ৰ ভিতৰত সম্পূৰ্ণ কৰাৰ লক্ষ্য লোৱা হৈছে।

মুকলি কৰা হ'ব। কেন্দ্ৰীয় মন্ত্ৰীয়ে ঘোষণা কৰে যে শদিয়াত এটা নতুন প্ৰকল্প স্থাপন কৰা হ'ব। এই প্ৰকল্পৰ ফলত অঞ্চলটোৰ বহু যুৱক-যুৱতীৰ নিযুক্তিৰ সুযোগ সৃষ্টি হ'ব। প্ৰকল্পটোৰ বাবে প্ৰয়োজনীয় ভূমি ইতিমধ্যে চিনাক্ত কৰা হৈছে। অঞ্চলটোৰ অৰ্থনৈতিক উন্নয়নৰ ক্ষেত্ৰত এই প্ৰকল্পই গুৰুত্বপূৰ্ণ ভূমিকা পালন কৰিব। IOCL, HPCL আৰু BPCL ৰ দৰে প্ৰতিষ্ঠানসমূহে ইয়াত বিনিয়োগ কৰাৰ আগ্ৰহ প্ৰকাশ কৰিছে। প্ৰকল্পটো নিৰ্দিষ্ট সময়ৰ ভিতৰত সম্পূৰ্ণ কৰাৰ লক্ষ্য লোৱা হৈছে।

বড়ো ভাষা প্ৰচাৰ...

সহযোগিতা লোৱা হয়। বড়ো ভাষাৰ প্ৰচাৰ আৰু প্ৰসাৰৰ বাবে বিভিন্ন কাৰ্যসূচী হাতত লোৱা হৈছে। বড়ো সাহিত্য সভাই এই উপলক্ষে এক বিশেষ অনুষ্ঠানৰ আয়োজন কৰে। বিদ্যালয় পৰ্যায়ত বড়ো ভাষাৰ শিক্ষা অধিক সুদৃঢ় কৰাৰ ওপৰত গুৰুত্ব আৰোপ কৰা হয়। নতুন প্ৰজন্মক মাতৃভাষাৰ প্ৰতি আকৃষ্ট কৰাৰ বাবে বিভিন্ন প্ৰতিযোগিতাৰ আয়োজন কৰা হ'ব। অনুষ্ঠানত বিশিষ্ট সাহিত্যিক আৰু শিক্ষাবিদসকল উপস্থিত থাকে।

সহযোগিতা লোৱা হয়। বড়ো ভাষাৰ প্ৰচাৰ আৰু প্ৰসাৰৰ বাবে বিভিন্ন কাৰ্যসূচী হাতত লোৱা হৈছে। বড়ো সাহিত্য সভাই এই উপলক্ষে এক বিশেষ অনুষ্ঠানৰ আয়োজন কৰে। বিদ্যালয় পৰ্যায়ত বড়ো ভাষাৰ শিক্ষা অধিক সুদৃঢ় কৰাৰ ওপৰত গুৰুত্ব আৰোপ কৰা হয়। নতুন প্ৰজন্মক মাতৃভাষাৰ প্ৰতি আকৃষ্ট কৰাৰ বাবে বিভিন্ন প্ৰতিযোগিতাৰ আয়োজন কৰা হ'ব। অনুষ্ঠানত বিশিষ্ট সাহিত্যিক আৰু শিক্ষাবিদসকল উপস্থিত থাকে।

সহযোগিতা লোৱা হয়। বড়ো ভাষাৰ প্ৰচাৰ আৰু প্ৰসাৰৰ বাবে বিভিন্ন কাৰ্যসূচী হাতত লোৱা হৈছে। বড়ো সাহিত্য সভাই এই উপলক্ষে এক বিশেষ অনুষ্ঠানৰ আয়োজন কৰে। বিদ্যালয় পৰ্যায়ত বড়ো ভাষাৰ শিক্ষা অধিক সুদৃঢ় কৰাৰ ওপৰত গুৰুত্ব আৰোপ কৰা হয়। নতুন প্ৰজন্মক মাতৃভাষাৰ প্ৰতি আকৃষ্ট কৰাৰ বাবে বিভিন্ন প্ৰতিযোগিতাৰ আয়োজন কৰা হ'ব। অনুষ্ঠানত বিশিষ্ট সাহিত্যিক আৰু শিক্ষাবিদসকল উপস্থিত থাকে।
